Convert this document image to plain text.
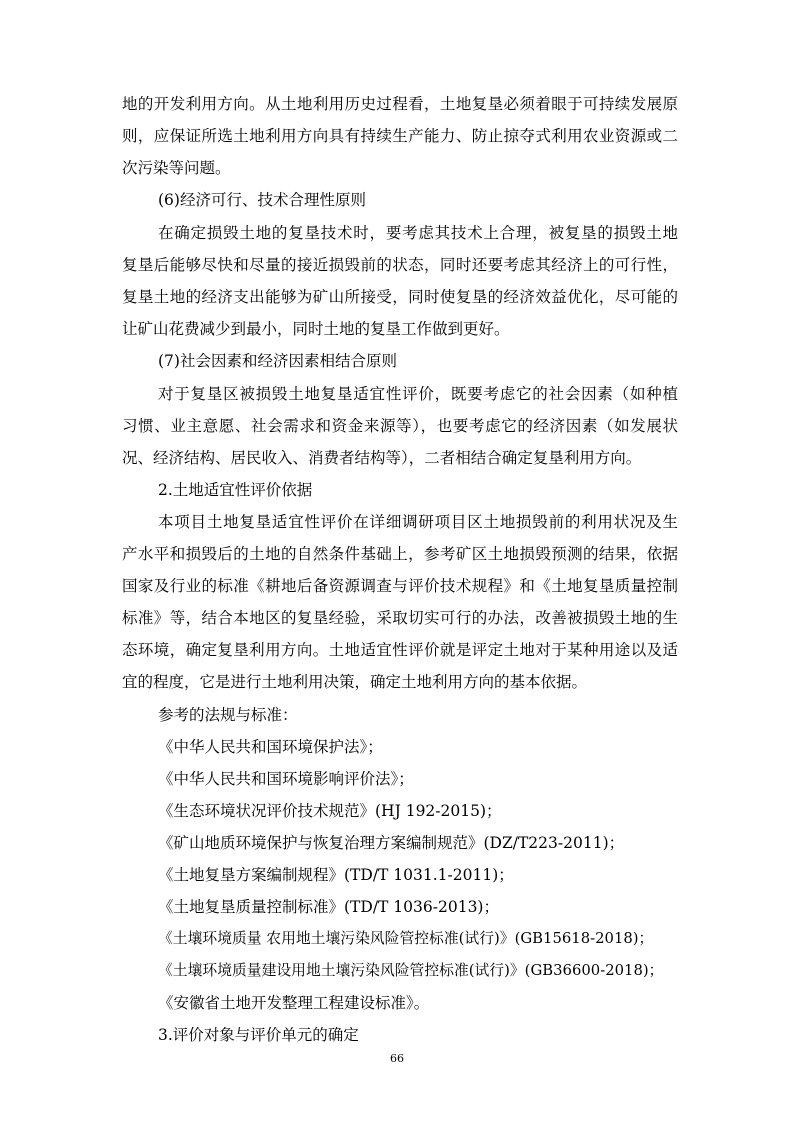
地的开发利用方向。从土地利用历史过程看，土地复垦必须着眼于可持续发展原
则，应保证所选土地利用方向具有持续生产能力、防止掠夺式利用农业资源或二
次污染等问题。
(6)经济可行、技术合理性原则
在确定损毁土地的复垦技术时，要考虑其技术上合理，被复垦的损毁土地
复垦后能够尽快和尽量的接近损毁前的状态，同时还要考虑其经济上的可行性，
复垦土地的经济支出能够为矿山所接受，同时使复垦的经济效益优化，尽可能的
让矿山花费减少到最小，同时土地的复垦工作做到更好。
(7)社会因素和经济因素相结合原则
对于复垦区被损毁土地复垦适宜性评价，既要考虑它的社会因素（如种植
习惯、业主意愿、社会需求和资金来源等），也要考虑它的经济因素（如发展状
况、经济结构、居民收入、消费者结构等），二者相结合确定复垦利用方向。
2.土地适宜性评价依据
本项目土地复垦适宜性评价在详细调研项目区土地损毁前的利用状况及生
产水平和损毁后的土地的自然条件基础上，参考矿区土地损毁预测的结果，依据
国家及行业的标准《耕地后备资源调查与评价技术规程》和《土地复垦质量控制
标准》等，结合本地区的复垦经验，采取切实可行的办法，改善被损毁土地的生
态环境，确定复垦利用方向。土地适宜性评价就是评定土地对于某种用途以及适
宜的程度，它是进行土地利用决策，确定土地利用方向的基本依据。
参考的法规与标准：
《中华人民共和国环境保护法》；
《中华人民共和国环境影响评价法》；
《生态环境状况评价技术规范》(HJ 192-2015)；
《矿山地质环境保护与恢复治理方案编制规范》(DZ/T223-2011)；
《土地复垦方案编制规程》(TD/T 1031.1-2011)；
《土地复垦质量控制标准》(TD/T 1036-2013)；
《土壤环境质量 农用地土壤污染风险管控标准(试行)》(GB15618-2018)；
《土壤环境质量建设用地土壤污染风险管控标准(试行)》(GB36600-2018)；
《安徽省土地开发整理工程建设标准》。
3.评价对象与评价单元的确定
66
